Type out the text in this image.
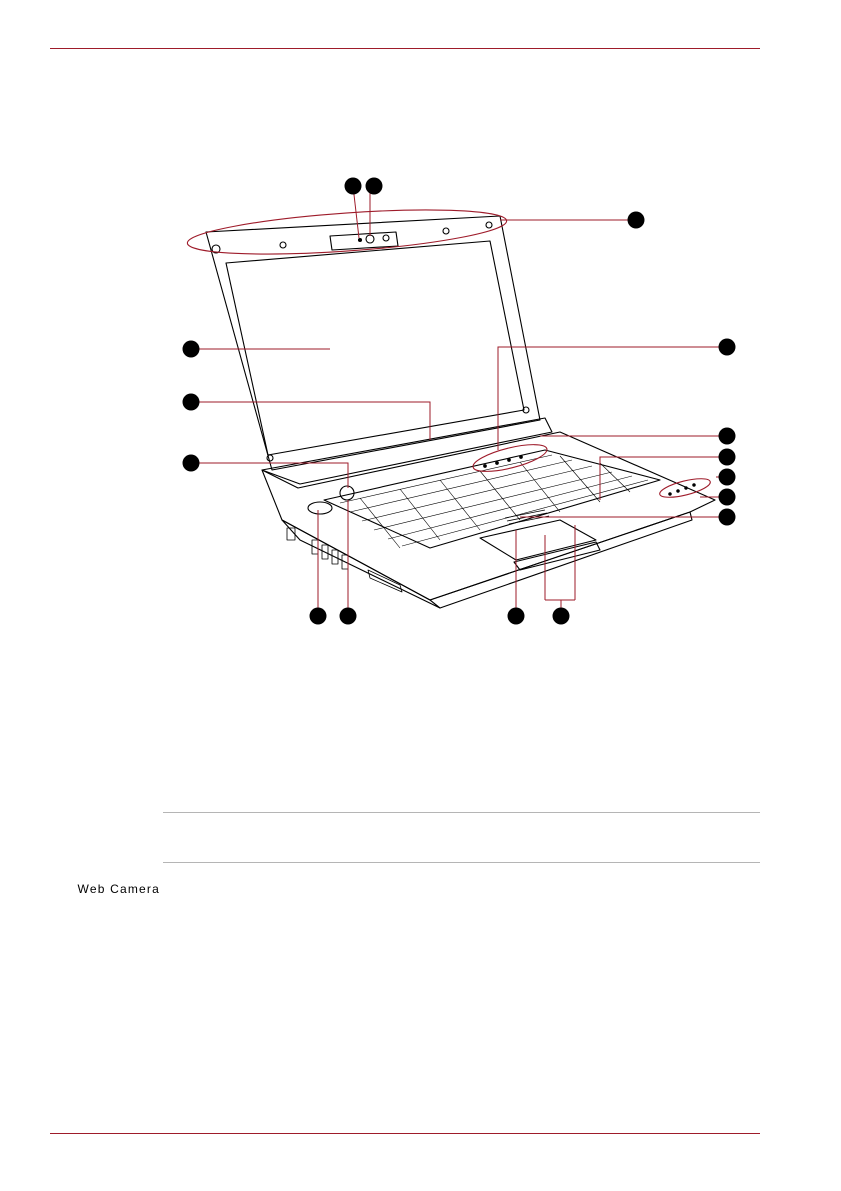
Web Camera
